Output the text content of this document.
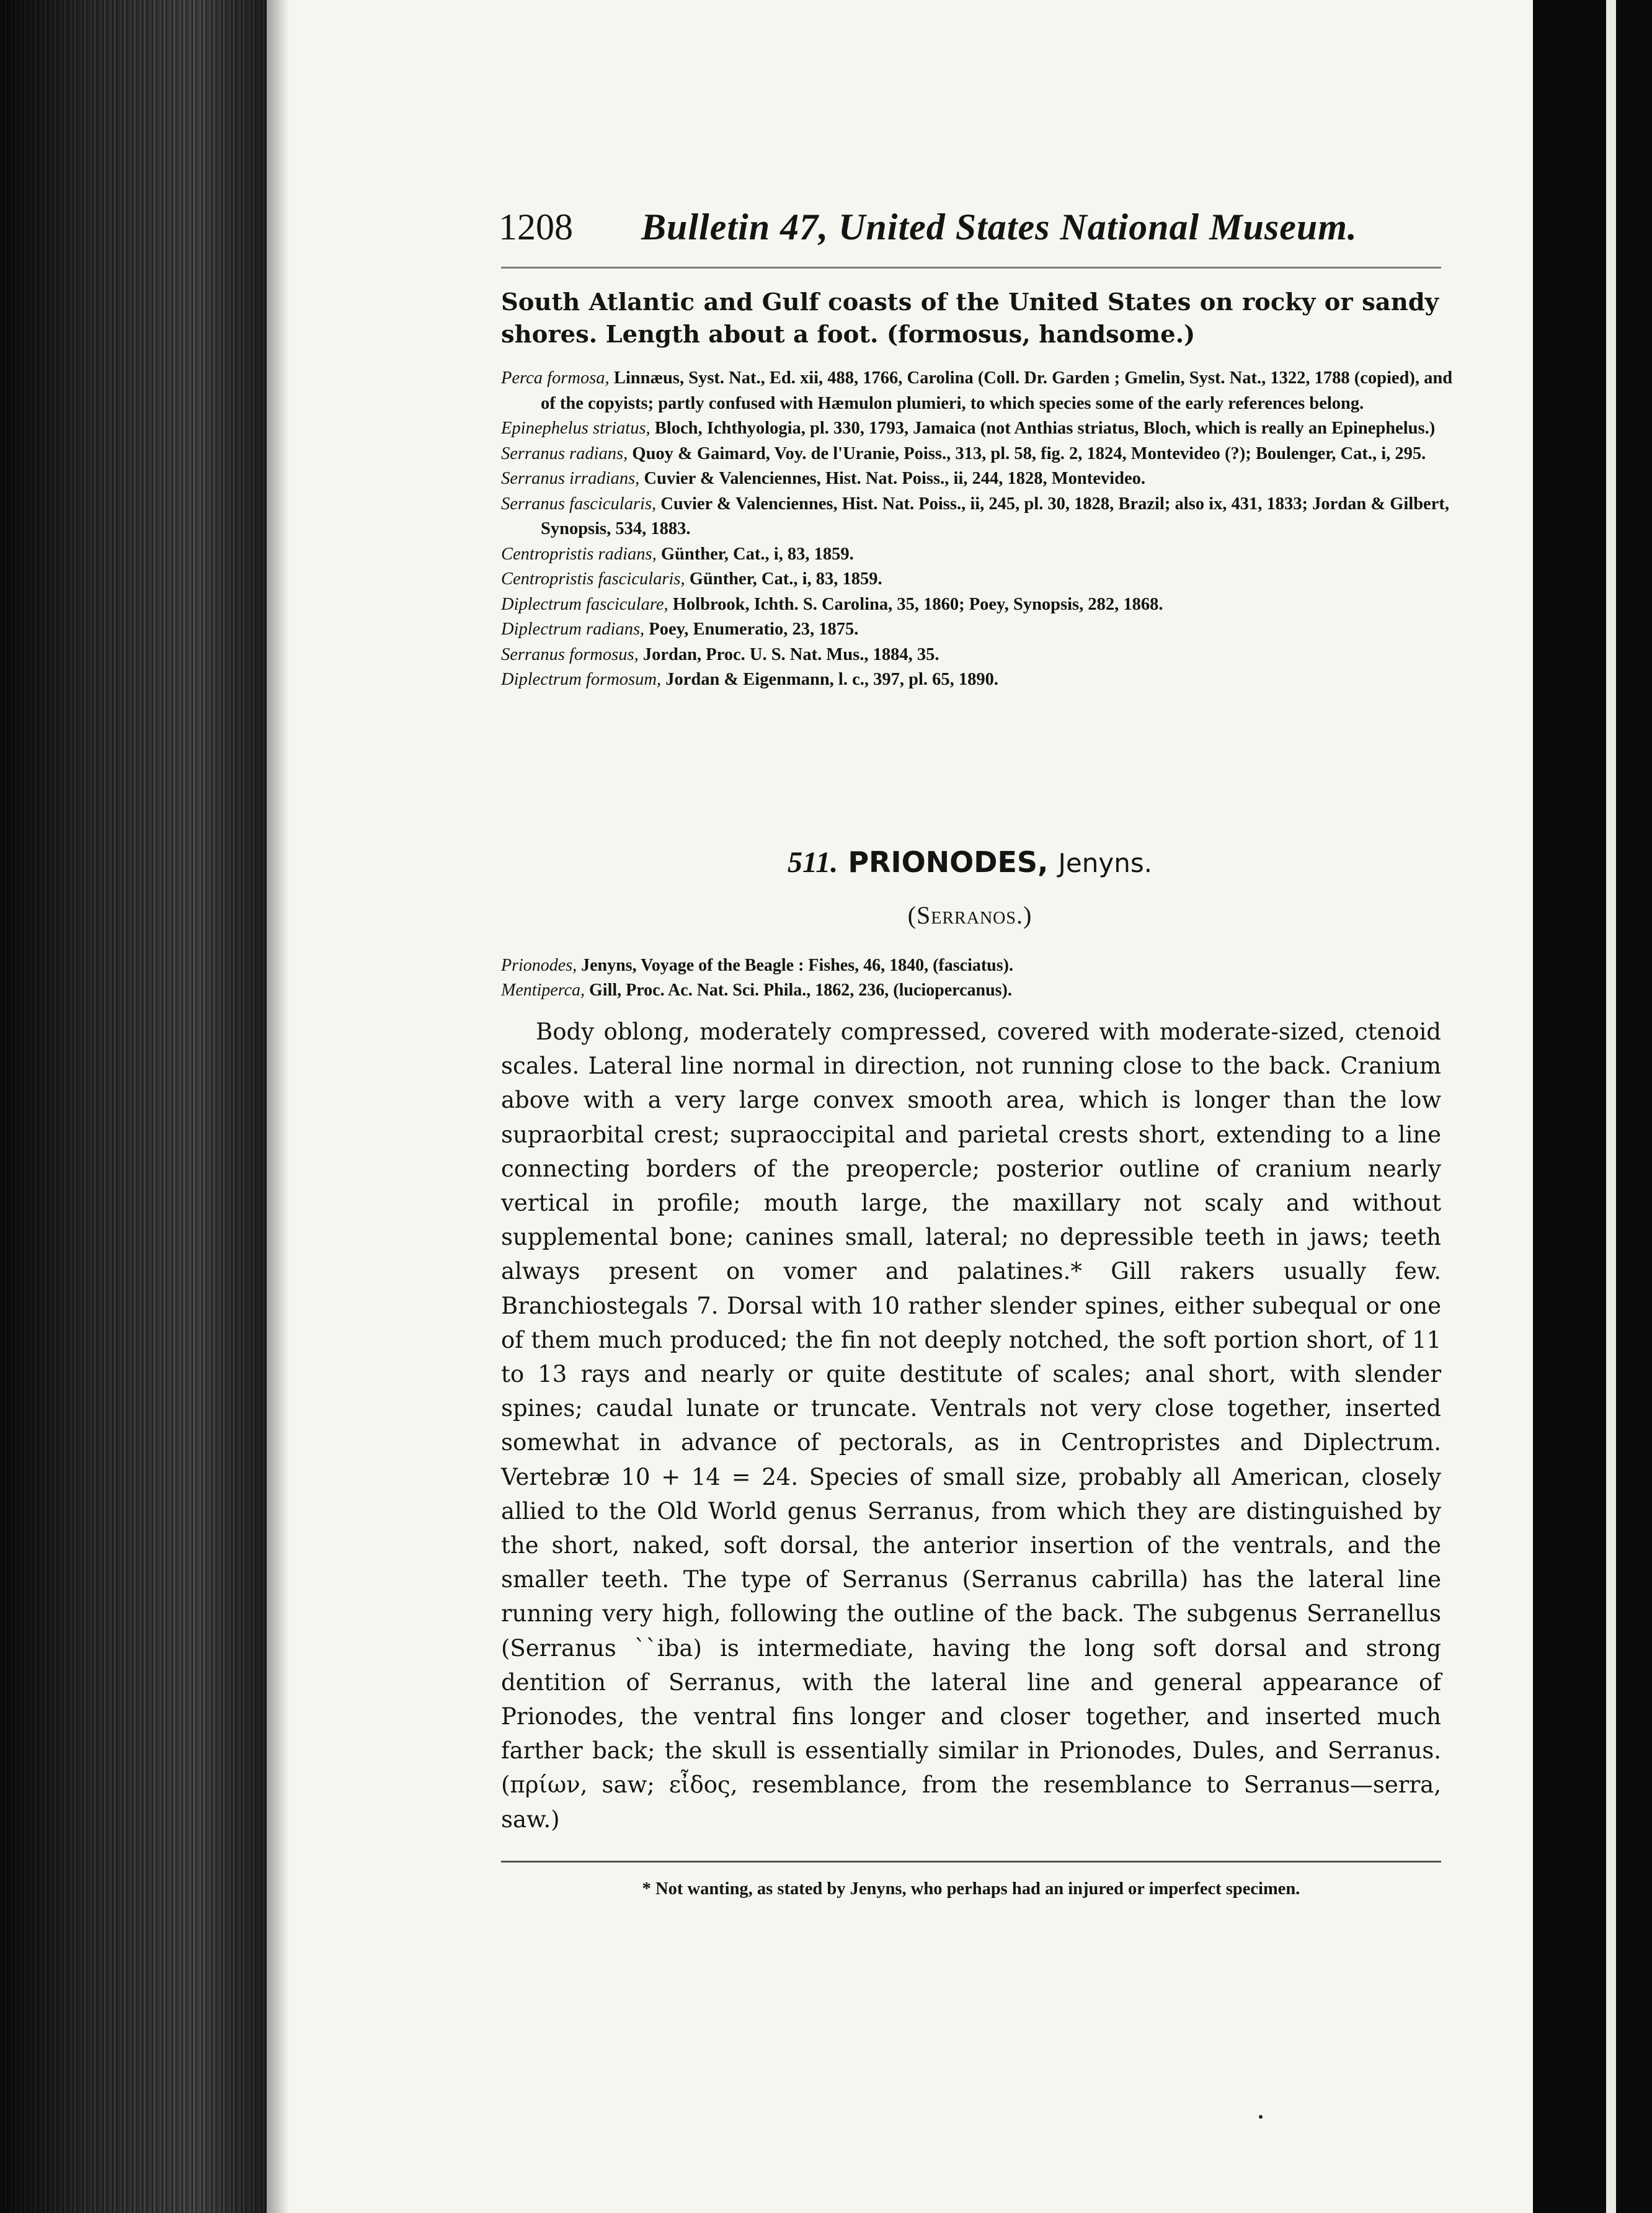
1208 Bulletin 47, United States National Museum.

South Atlantic and Gulf coasts of the United States on rocky or sandy shores. Length about a foot. (formosus, handsome.)

Perca formosa, Linnæus, Syst. Nat., Ed. xii, 488, 1766, Carolina (Coll. Dr. Garden ; Gmelin, Syst. Nat., 1322, 1788 (copied), and of the copyists; partly confused with Hæmulon plumieri, to which species some of the early references belong.
Epinephelus striatus, Bloch, Ichthyologia, pl. 330, 1793, Jamaica (not Anthias striatus, Bloch, which is really an Epinephelus.)
Serranus radians, Quoy & Gaimard, Voy. de l'Uranie, Poiss., 313, pl. 58, fig. 2, 1824, Montevideo (?); Boulenger, Cat., i, 295.
Serranus irradians, Cuvier & Valenciennes, Hist. Nat. Poiss., ii, 244, 1828, Montevideo.
Serranus fascicularis, Cuvier & Valenciennes, Hist. Nat. Poiss., ii, 245, pl. 30, 1828, Brazil; also ix, 431, 1833; Jordan & Gilbert, Synopsis, 534, 1883.
Centropristis radians, Günther, Cat., i, 83, 1859.
Centropristis fascicularis, Günther, Cat., i, 83, 1859.
Diplectrum fasciculare, Holbrook, Ichth. S. Carolina, 35, 1860; Poey, Synopsis, 282, 1868.
Diplectrum radians, Poey, Enumeratio, 23, 1875.
Serranus formosus, Jordan, Proc. U. S. Nat. Mus., 1884, 35.
Diplectrum formosum, Jordan & Eigenmann, l. c., 397, pl. 65, 1890.
511. PRIONODES, Jenyns.
(Serranos.)
Prionodes, Jenyns, Voyage of the Beagle : Fishes, 46, 1840, (fasciatus).
Mentiperca, Gill, Proc. Ac. Nat. Sci. Phila., 1862, 236, (luciopercanus).

Body oblong, moderately compressed, covered with moderate-sized, ctenoid scales. Lateral line normal in direction, not running close to the back. Cranium above with a very large convex smooth area, which is longer than the low supraorbital crest; supraoccipital and parietal crests short, extending to a line connecting borders of the preopercle; posterior outline of cranium nearly vertical in profile; mouth large, the maxillary not scaly and without supplemental bone; canines small, lateral; no depressible teeth in jaws; teeth always present on vomer and palatines.* Gill rakers usually few. Branchiostegals 7. Dorsal with 10 rather slender spines, either subequal or one of them much produced; the fin not deeply notched, the soft portion short, of 11 to 13 rays and nearly or quite destitute of scales; anal short, with slender spines; caudal lunate or truncate. Ventrals not very close together, inserted somewhat in advance of pectorals, as in Centropristes and Diplectrum. Vertebræ 10 + 14 = 24. Species of small size, probably all American, closely allied to the Old World genus Serranus, from which they are distinguished by the short, naked, soft dorsal, the anterior insertion of the ventrals, and the smaller teeth. The type of Serranus (Serranus cabrilla) has the lateral line running very high, following the outline of the back. The subgenus Serranellus (Serranus ``iba) is intermediate, having the long soft dorsal and strong dentition of Serranus, with the lateral line and general appearance of Prionodes, the ventral fins longer and closer together, and inserted much farther back; the skull is essentially similar in Prionodes, Dules, and Serranus. (πρίων, saw; εἶδος, resemblance, from the resemblance to Serranus—serra, saw.)

* Not wanting, as stated by Jenyns, who perhaps had an injured or imperfect specimen.
